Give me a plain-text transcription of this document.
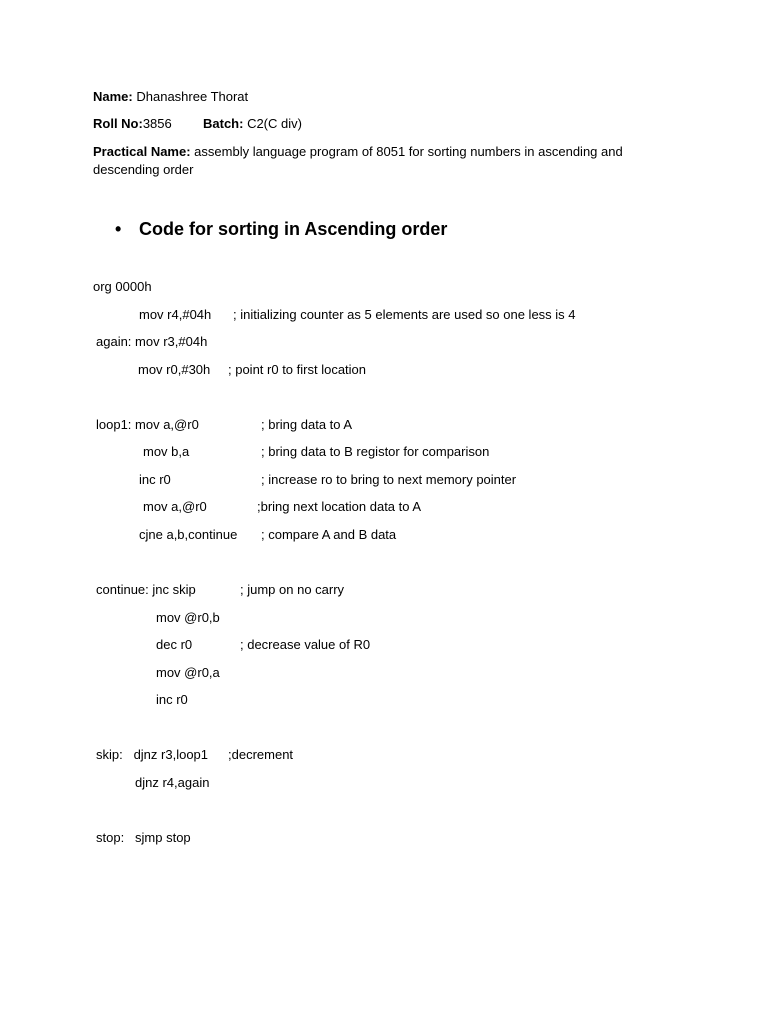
Name: Dhanashree Thorat
Roll No:3856 Batch: C2(C div)
Practical Name: assembly language program of 8051 for sorting numbers in ascending and
descending order
• Code for sorting in Ascending order
org 0000h
mov r4,#04h ; initializing counter as 5 elements are used so one less is 4
again: mov r3,#04h
mov r0,#30h ; point r0 to first location
loop1: mov a,@r0	; bring data to A
mov b,a	; bring data to B registor for comparison
inc r0	; increase ro to bring to next memory pointer
mov a,@r0	;bring next location data to A
cjne a,b,continue ; compare A and B data
continue: jnc skip	; jump on no carry
mov @r0,b
dec r0	; decrease value of R0
mov @r0,a
inc r0
skip:   djnz r3,loop1 ;decrement
djnz r4,again
stop:   sjmp stop
